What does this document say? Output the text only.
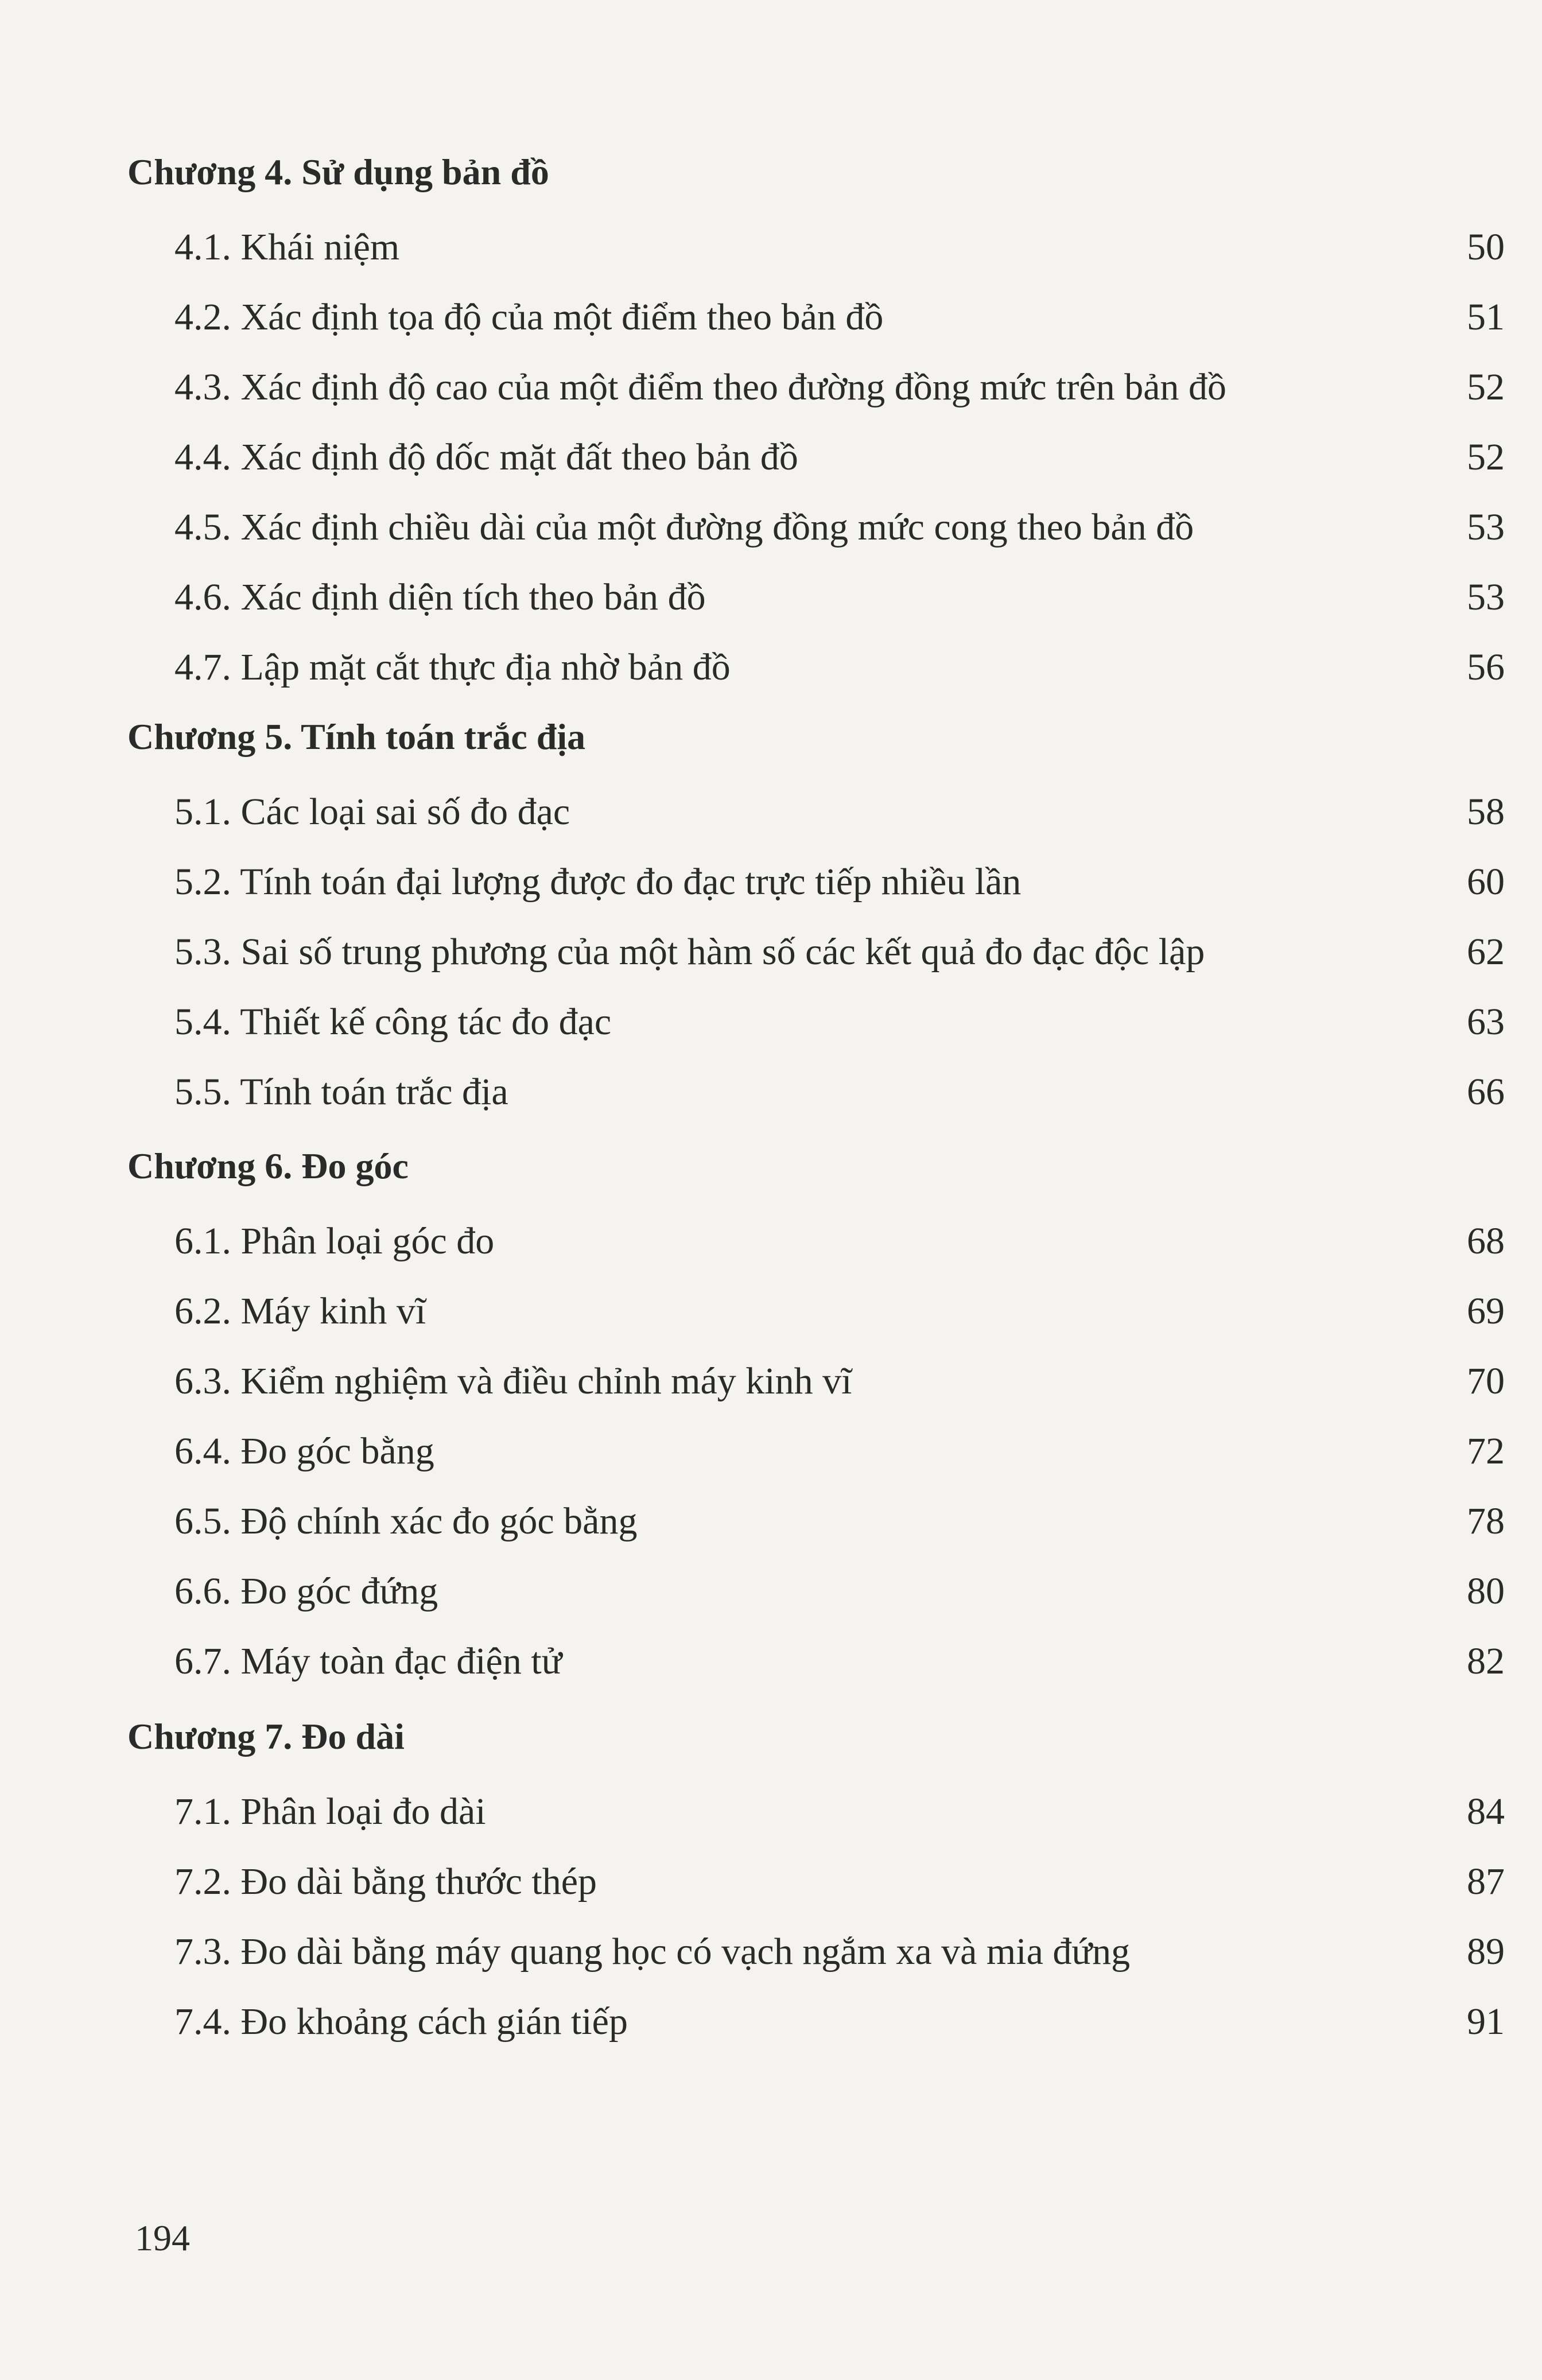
Chương 4. Sử dụng bản đồ
4.1. Khái niệm	50
4.2. Xác định tọa độ của một điểm theo bản đồ	51
4.3. Xác định độ cao của một điểm theo đường đồng mức trên bản đồ	52
4.4. Xác định độ dốc mặt đất theo bản đồ	52
4.5. Xác định chiều dài của một đường đồng mức cong theo bản đồ	53
4.6. Xác định diện tích theo bản đồ	53
4.7. Lập mặt cắt thực địa nhờ bản đồ	56
Chương 5. Tính toán trắc địa
5.1. Các loại sai số đo đạc	58
5.2. Tính toán đại lượng được đo đạc trực tiếp nhiều lần	60
5.3. Sai số trung phương của một hàm số các kết quả đo đạc độc lập	62
5.4. Thiết kế công tác đo đạc	63
5.5. Tính toán trắc địa	66
Chương 6. Đo góc
6.1. Phân loại góc đo	68
6.2. Máy kinh vĩ	69
6.3. Kiểm nghiệm và điều chỉnh máy kinh vĩ	70
6.4. Đo góc bằng	72
6.5. Độ chính xác đo góc bằng	78
6.6. Đo góc đứng	80
6.7. Máy toàn đạc điện tử	82
Chương 7. Đo dài
7.1. Phân loại đo dài	84
7.2. Đo dài bằng thước thép	87
7.3. Đo dài bằng máy quang học có vạch ngắm xa và mia đứng	89
7.4. Đo khoảng cách gián tiếp	91
194
